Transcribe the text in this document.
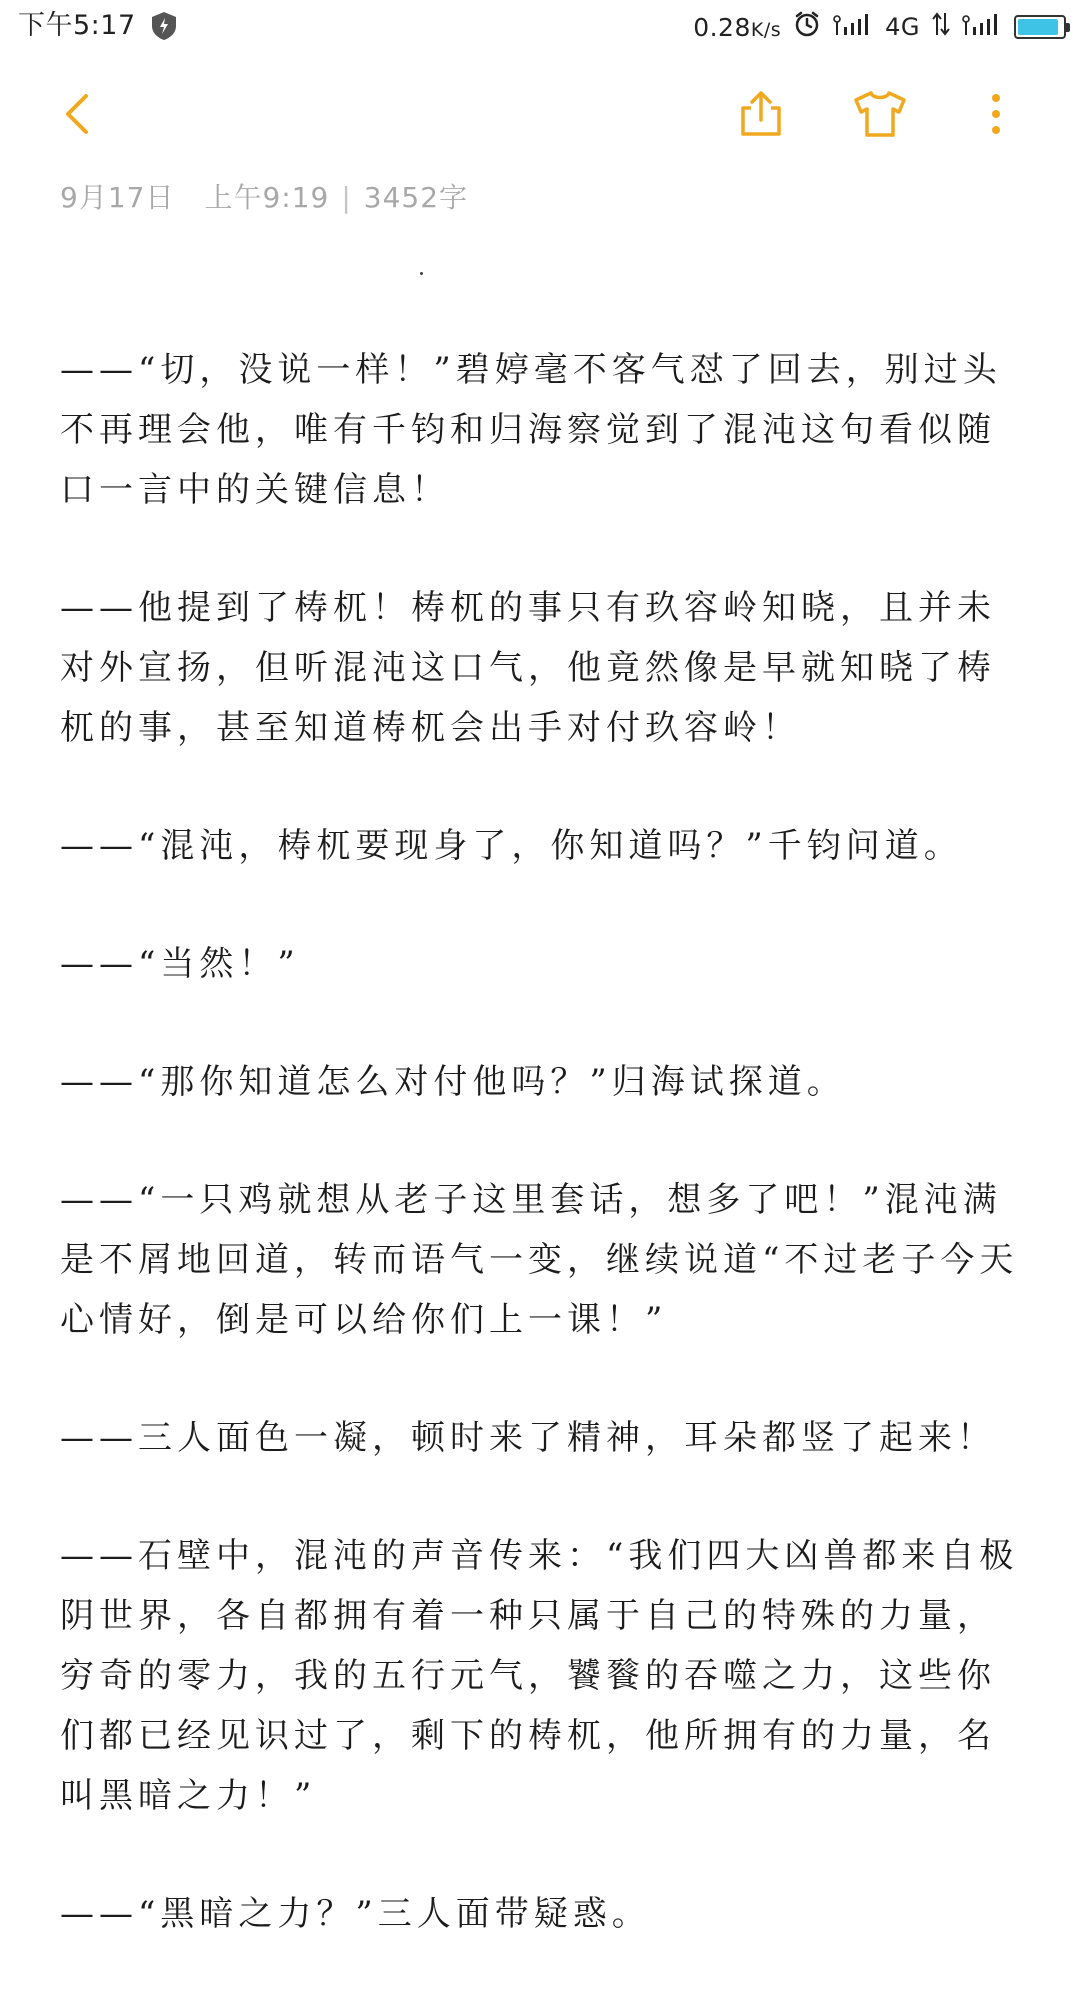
下午5:17	0.28K/s	4G
9月17日 上午9:19 | 3452字

——“切，没说一样！”碧婷毫不客气怼了回去，别过头不再理会他，唯有千钧和归海察觉到了混沌这句看似随口一言中的关键信息！

——他提到了梼杌！梼杌的事只有玖容岭知晓，且并未对外宣扬，但听混沌这口气，他竟然像是早就知晓了梼杌的事，甚至知道梼杌会出手对付玖容岭！

——“混沌，梼杌要现身了，你知道吗？”千钧问道。

——“当然！”

——“那你知道怎么对付他吗？”归海试探道。

——“一只鸡就想从老子这里套话，想多了吧！”混沌满是不屑地回道，转而语气一变，继续说道“不过老子今天心情好，倒是可以给你们上一课！”

——三人面色一凝，顿时来了精神，耳朵都竖了起来！

——石壁中，混沌的声音传来：“我们四大凶兽都来自极阴世界，各自都拥有着一种只属于自己的特殊的力量，穷奇的零力，我的五行元气，饕餮的吞噬之力，这些你们都已经见识过了，剩下的梼杌，他所拥有的力量，名叫黑暗之力！”

——“黑暗之力？”三人面带疑惑。
